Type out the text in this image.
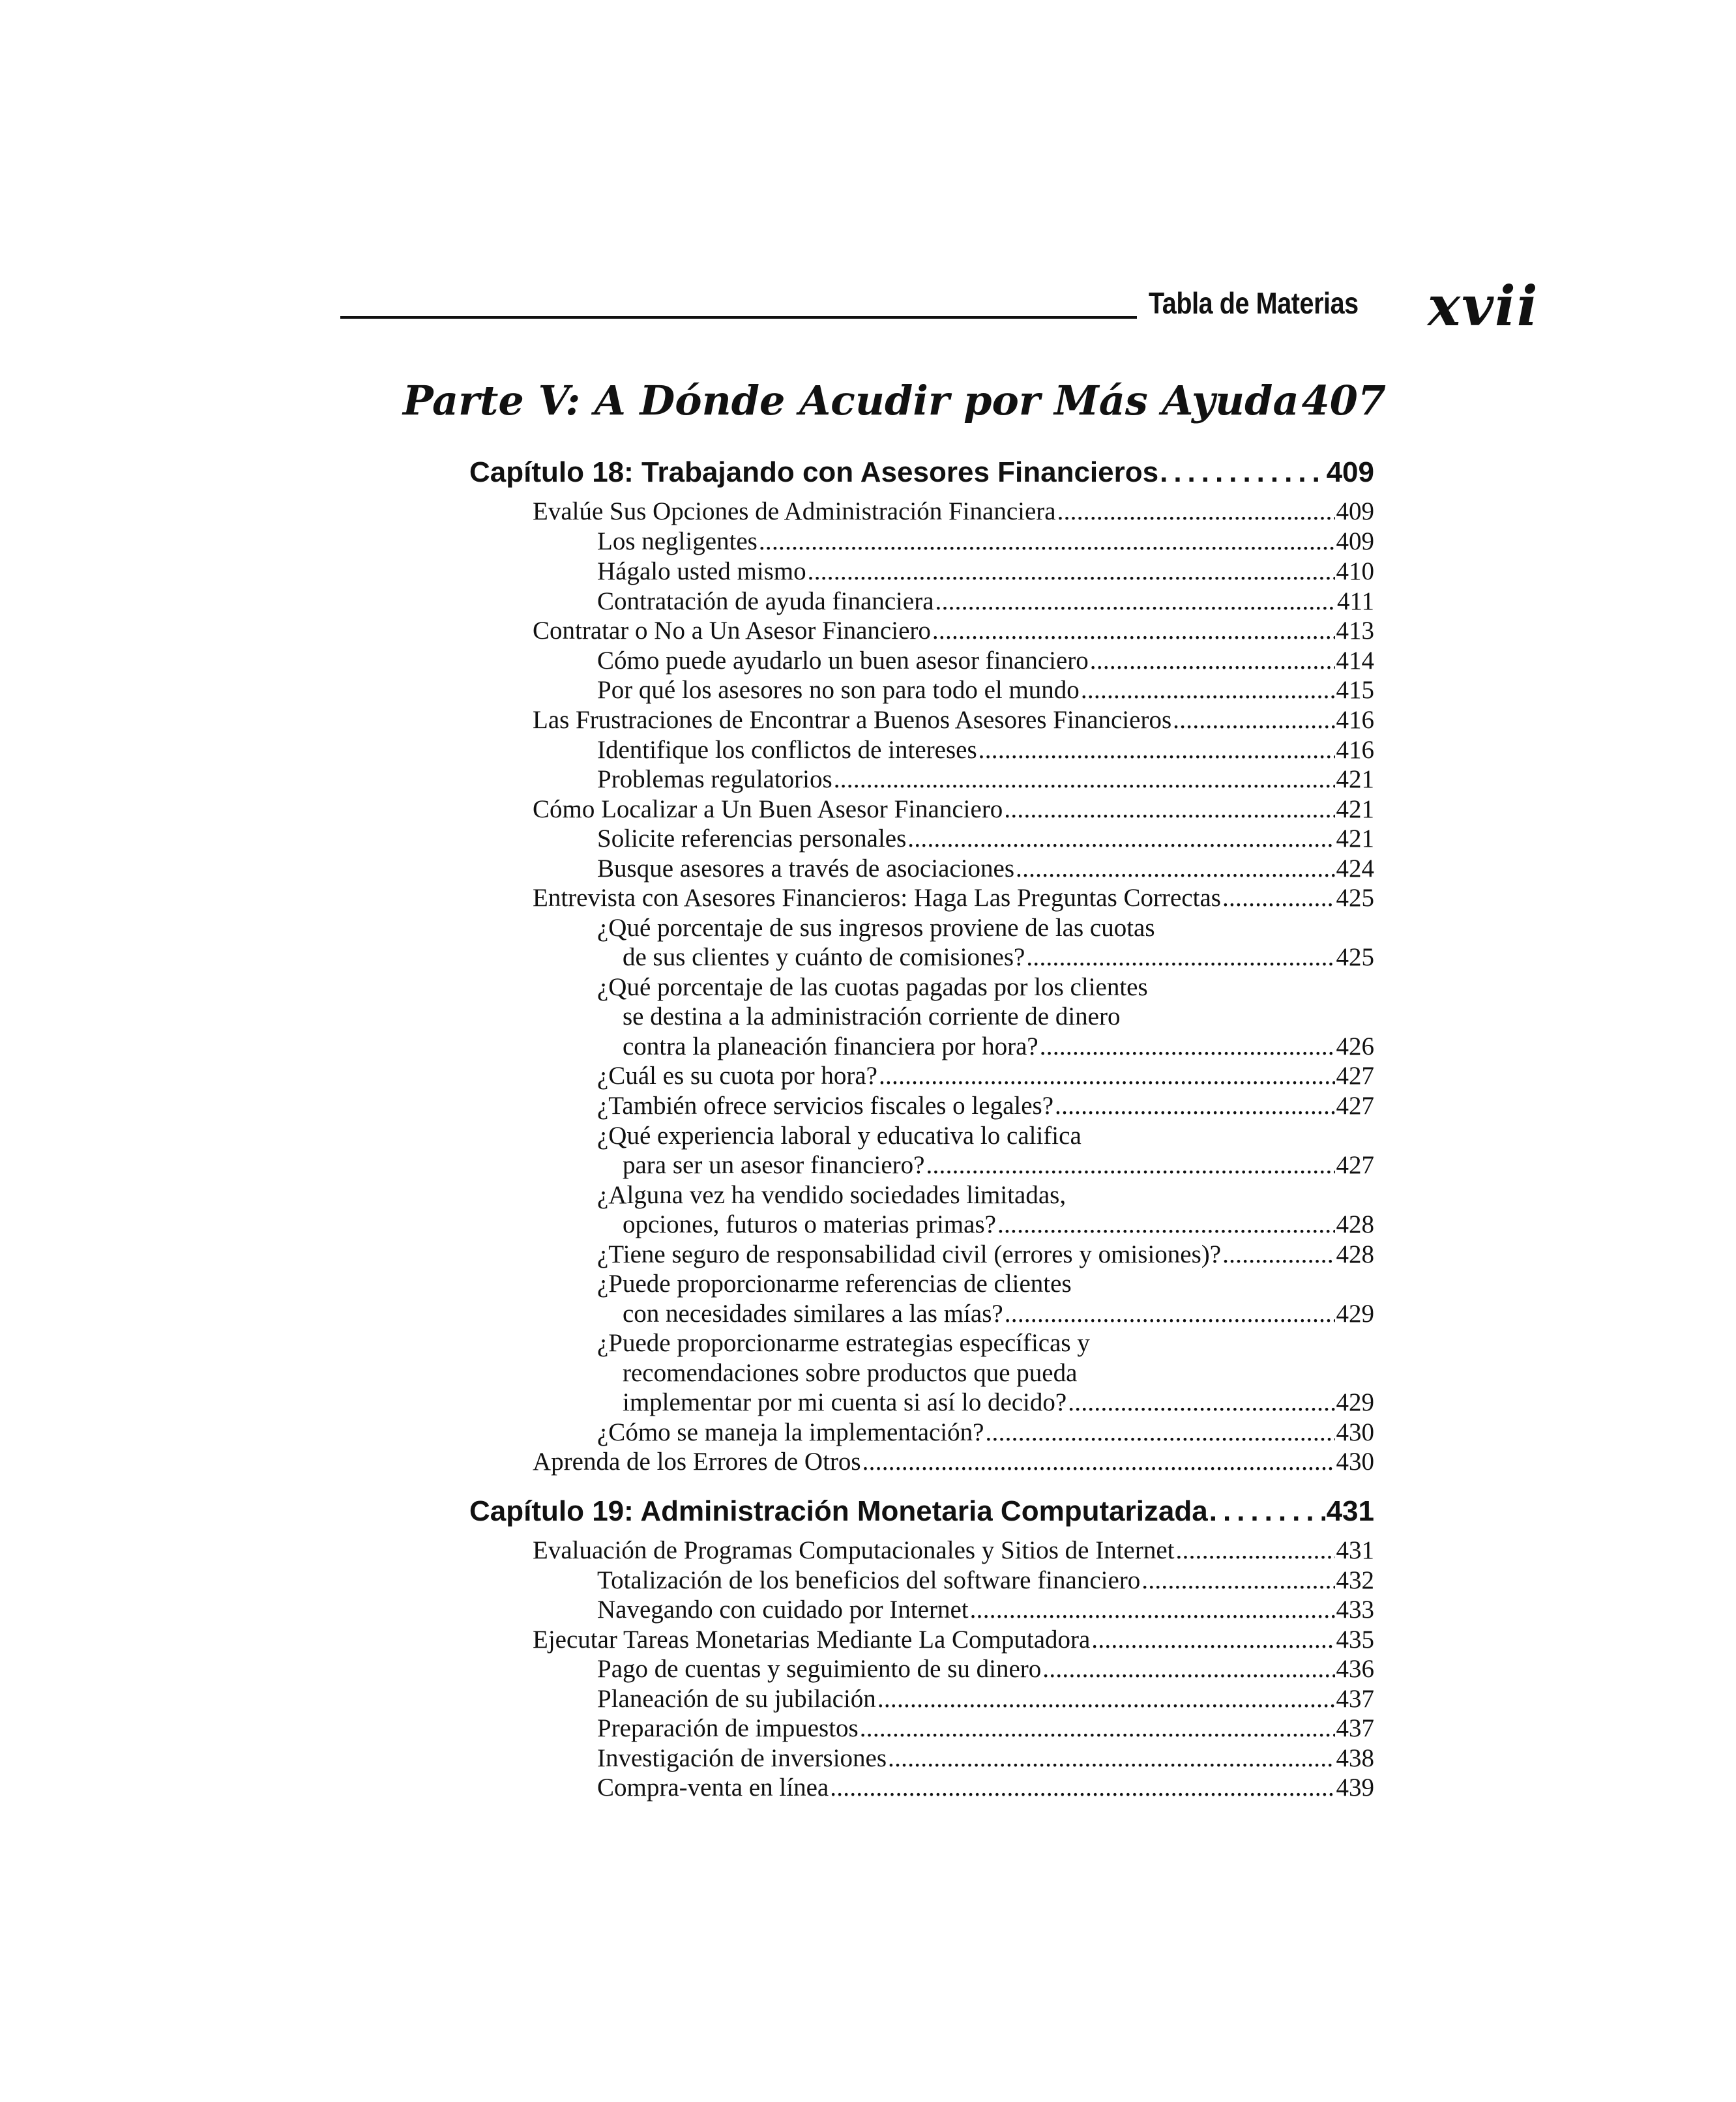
Tabla de Materias xvii
Parte V: A Dónde Acudir por Más Ayuda 407
Capítulo 18: Trabajando con Asesores Financieros .....	409
Evalúe Sus Opciones de Administración Financiera .....	409
Los negligentes .....	409
Hágalo usted mismo .....	410
Contratación de ayuda financiera .....	411
Contratar o No a Un Asesor Financiero .....	413
Cómo puede ayudarlo un buen asesor financiero .....	414
Por qué los asesores no son para todo el mundo .....	415
Las Frustraciones de Encontrar a Buenos Asesores Financieros .....	416
Identifique los conflictos de intereses .....	416
Problemas regulatorios .....	421
Cómo Localizar a Un Buen Asesor Financiero .....	421
Solicite referencias personales .....	421
Busque asesores a través de asociaciones .....	424
Entrevista con Asesores Financieros: Haga Las Preguntas Correctas .....	425
¿Qué porcentaje de sus ingresos proviene de las cuotas
de sus clientes y cuánto de comisiones? .....	425
¿Qué porcentaje de las cuotas pagadas por los clientes
se destina a la administración corriente de dinero
contra la planeación financiera por hora? .....	426
¿Cuál es su cuota por hora? .....	427
¿También ofrece servicios fiscales o legales? .....	427
¿Qué experiencia laboral y educativa lo califica
para ser un asesor financiero? .....	427
¿Alguna vez ha vendido sociedades limitadas,
opciones, futuros o materias primas? .....	428
¿Tiene seguro de responsabilidad civil (errores y omisiones)? .....	428
¿Puede proporcionarme referencias de clientes
con necesidades similares a las mías? .....	429
¿Puede proporcionarme estrategias específicas y
recomendaciones sobre productos que pueda
implementar por mi cuenta si así lo decido? .....	429
¿Cómo se maneja la implementación? .....	430
Aprenda de los Errores de Otros .....	430
Capítulo 19: Administración Monetaria Computarizada .....	431
Evaluación de Programas Computacionales y Sitios de Internet .....	431
Totalización de los beneficios del software financiero .....	432
Navegando con cuidado por Internet .....	433
Ejecutar Tareas Monetarias Mediante La Computadora .....	435
Pago de cuentas y seguimiento de su dinero .....	436
Planeación de su jubilación .....	437
Preparación de impuestos .....	437
Investigación de inversiones .....	438
Compra-venta en línea .....	439
